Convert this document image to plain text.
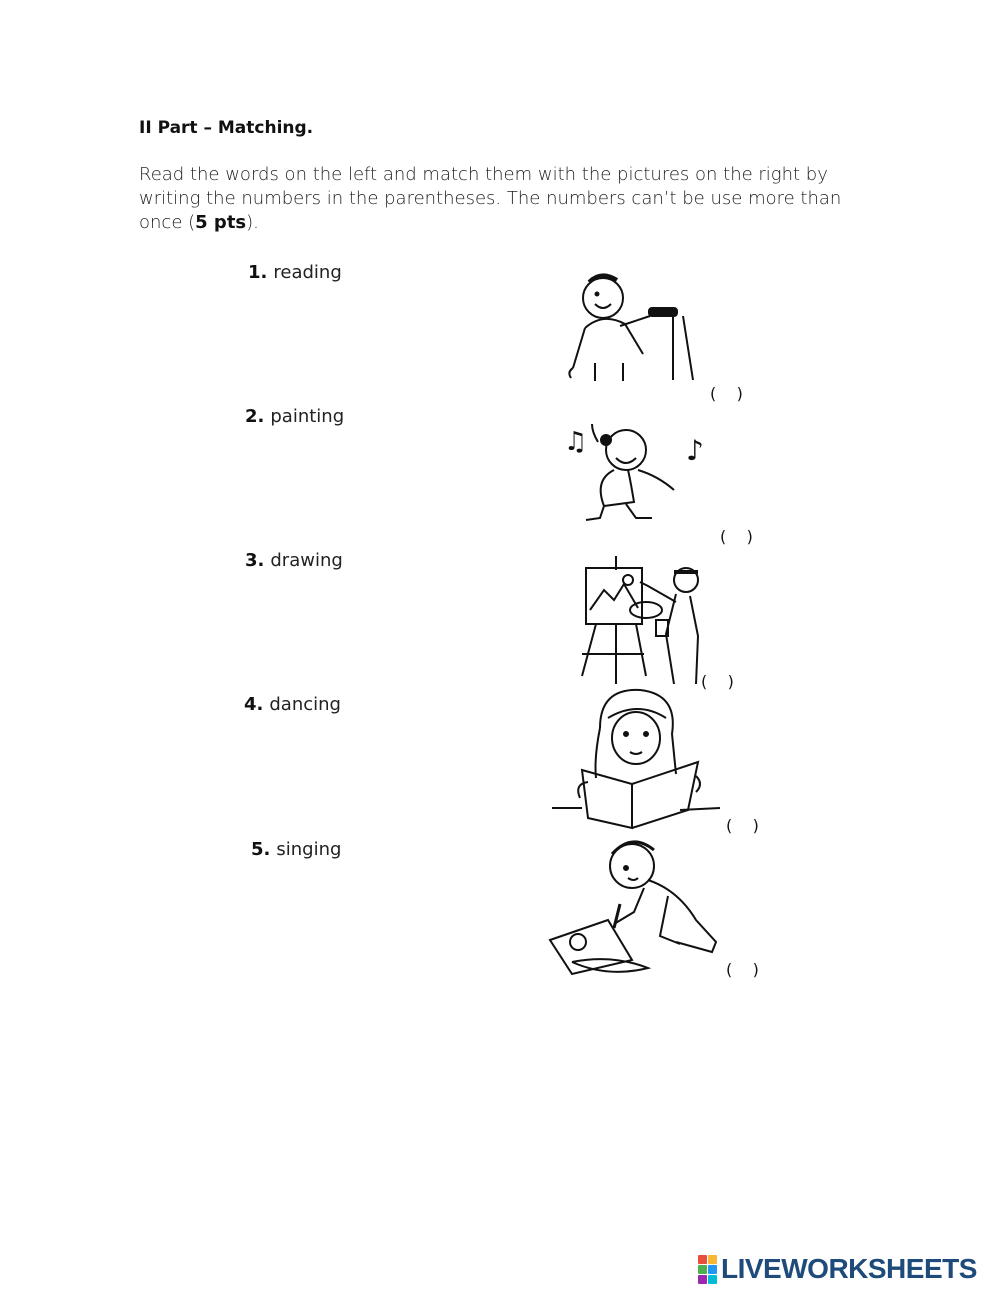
II Part – Matching.
Read the words on the left and match them with the pictures on the right by writing the numbers in the parentheses. The numbers can’t be use more than once (5 pts).
1. reading
2. painting
3. drawing
4. dancing
5. singing
(    )
♫	♪
(    )
(    )
(    )
(    )
LIVEWORKSHEETS
